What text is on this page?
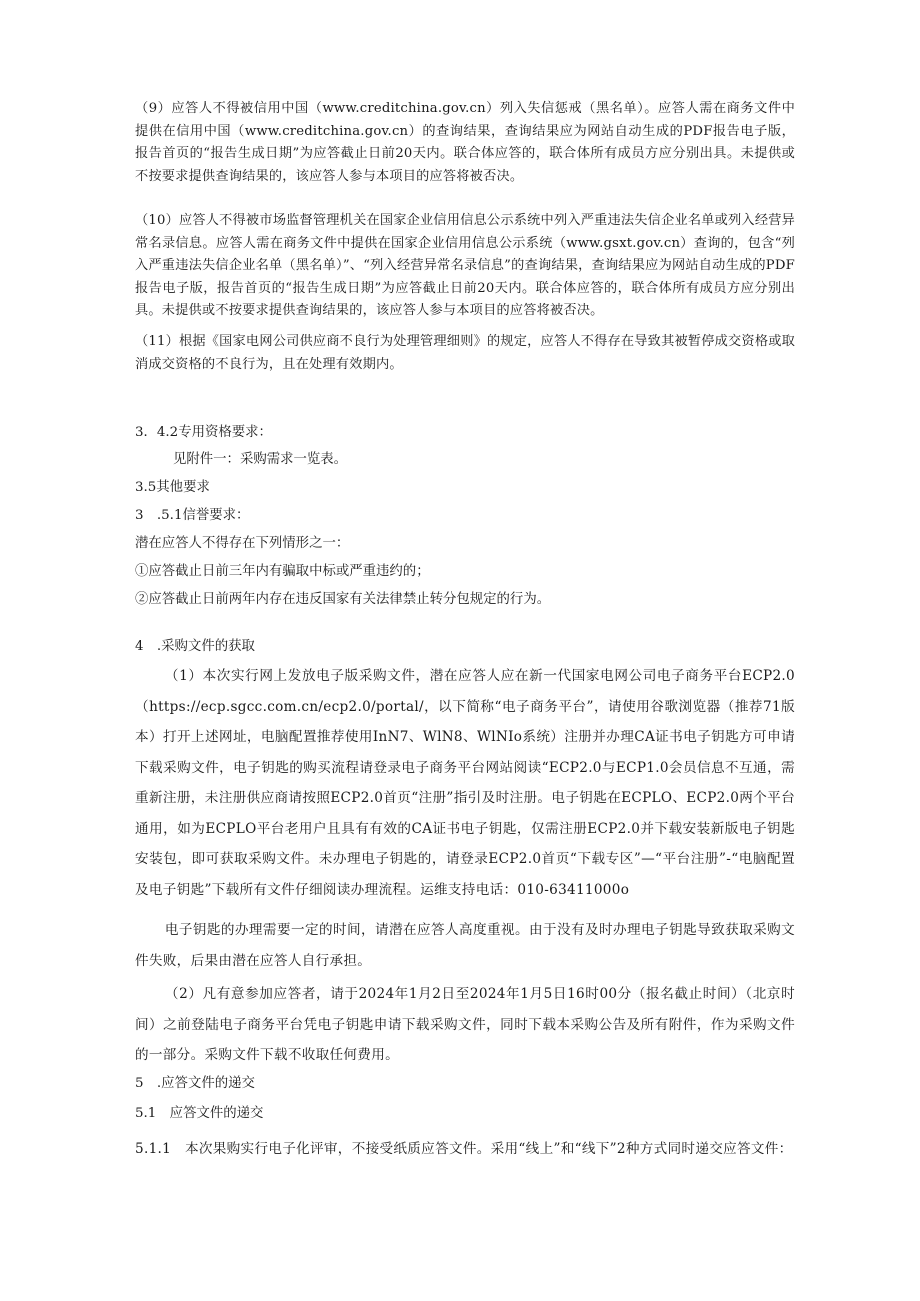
（9）应答人不得被信用中国（www.creditchina.gov.cn）列入失信惩戒（黑名单）。应答人需在商务文件中提供在信用中国（www.creditchina.gov.cn）的查询结果，查询结果应为网站自动生成的PDF报告电子版，报告首页的“报告生成日期”为应答截止日前20天内。联合体应答的，联合体所有成员方应分别出具。未提供或不按要求提供查询结果的，该应答人参与本项目的应答将被否决。

（10）应答人不得被市场监督管理机关在国家企业信用信息公示系统中列入严重违法失信企业名单或列入经营异常名录信息。应答人需在商务文件中提供在国家企业信用信息公示系统（www.gsxt.gov.cn）查询的，包含“列入严重违法失信企业名单（黑名单）”、“列入经营异常名录信息”的查询结果，查询结果应为网站自动生成的PDF报告电子版，报告首页的“报告生成日期”为应答截止日前20天内。联合体应答的，联合体所有成员方应分别出具。未提供或不按要求提供查询结果的，该应答人参与本项目的应答将被否决。

（11）根据《国家电网公司供应商不良行为处理管理细则》的规定，应答人不得存在导致其被暂停成交资格或取消成交资格的不良行为，且在处理有效期内。

3．4.2专用资格要求：
见附件一：采购需求一览表。
3.5其他要求
3　.5.1信誉要求：
潜在应答人不得存在下列情形之一：
①应答截止日前三年内有骗取中标或严重违约的；
②应答截止日前两年内存在违反国家有关法律禁止转分包规定的行为。
4　.采购文件的获取

（1）本次实行网上发放电子版采购文件，潜在应答人应在新一代国家电网公司电子商务平台ECP2.0（https://ecp.sgcc.com.cn/ecp2.0/portal/，以下简称“电子商务平台”，请使用谷歌浏览器（推荐71版本）打开上述网址，电脑配置推荐使用InN7、WlN8、WlNIo系统）注册并办理CA证书电子钥匙方可申请下载采购文件，电子钥匙的购买流程请登录电子商务平台网站阅读“ECP2.0与ECP1.0会员信息不互通，需重新注册，未注册供应商请按照ECP2.0首页“注册”指引及时注册。电子钥匙在ECPLO、ECP2.0两个平台通用，如为ECPLO平台老用户且具有有效的CA证书电子钥匙，仅需注册ECP2.0并下载安装新版电子钥匙安装包，即可获取采购文件。未办理电子钥匙的，请登录ECP2.0首页“下载专区”—“平台注册”-“电脑配置及电子钥匙”下载所有文件仔细阅读办理流程。运维支持电话：010-63411000o

电子钥匙的办理需要一定的时间，请潜在应答人高度重视。由于没有及时办理电子钥匙导致获取采购文件失败，后果由潜在应答人自行承担。

（2）凡有意参加应答者，请于2024年1月2日至2024年1月5日16时00分（报名截止时间）（北京时间）之前登陆电子商务平台凭电子钥匙申请下载采购文件，同时下载本采购公告及所有附件，作为采购文件的一部分。采购文件下载不收取任何费用。

5　.应答文件的递交
5.1　应答文件的递交

5.1.1　本次果购实行电子化评审，不接受纸质应答文件。采用“线上”和“线下”2种方式同时递交应答文件：
